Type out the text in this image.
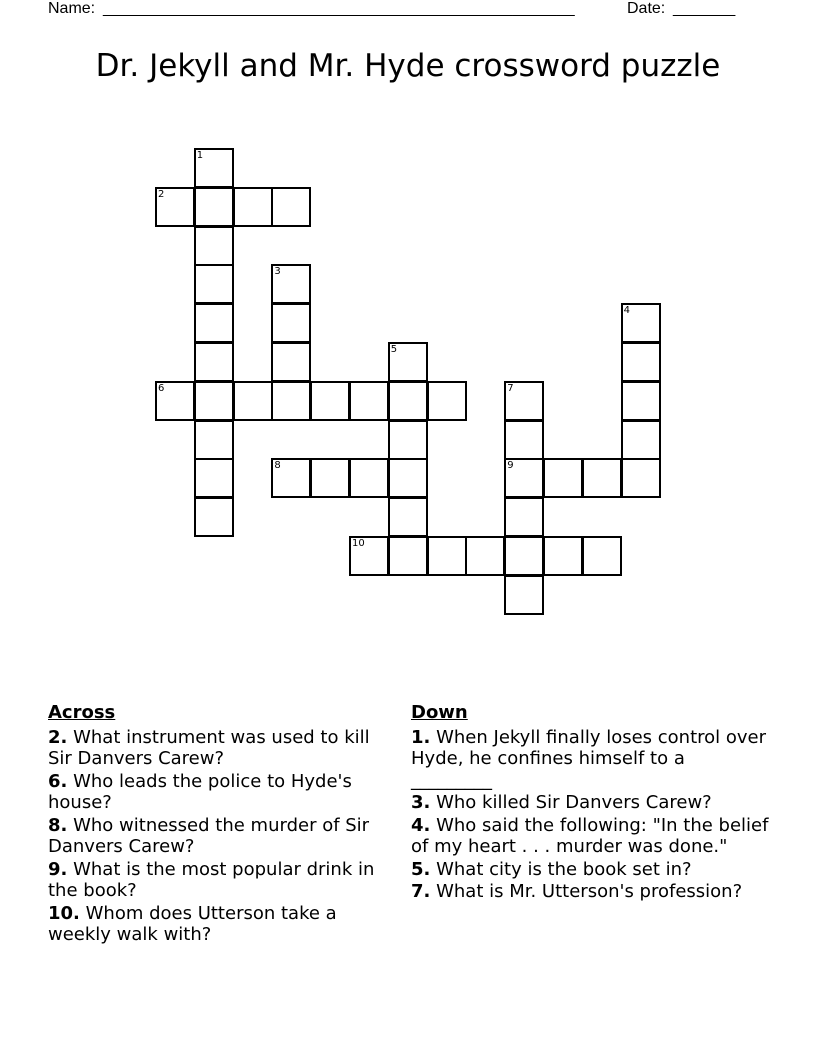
Name: _____________________________________________________	Date: _______
Dr. Jekyll and Mr. Hyde crossword puzzle
1
2
3
4
5
6	7
8	9
10
Across
2. What instrument was used to kill Sir Danvers Carew?
6. Who leads the police to Hyde's house?
8. Who witnessed the murder of Sir Danvers Carew?
9. What is the most popular drink in the book?
10. Whom does Utterson take a weekly walk with?
Down
1. When Jekyll finally loses control over Hyde, he confines himself to a _________
3. Who killed Sir Danvers Carew?
4. Who said the following: "In the belief of my heart . . . murder was done."
5. What city is the book set in?
7. What is Mr. Utterson's profession?
